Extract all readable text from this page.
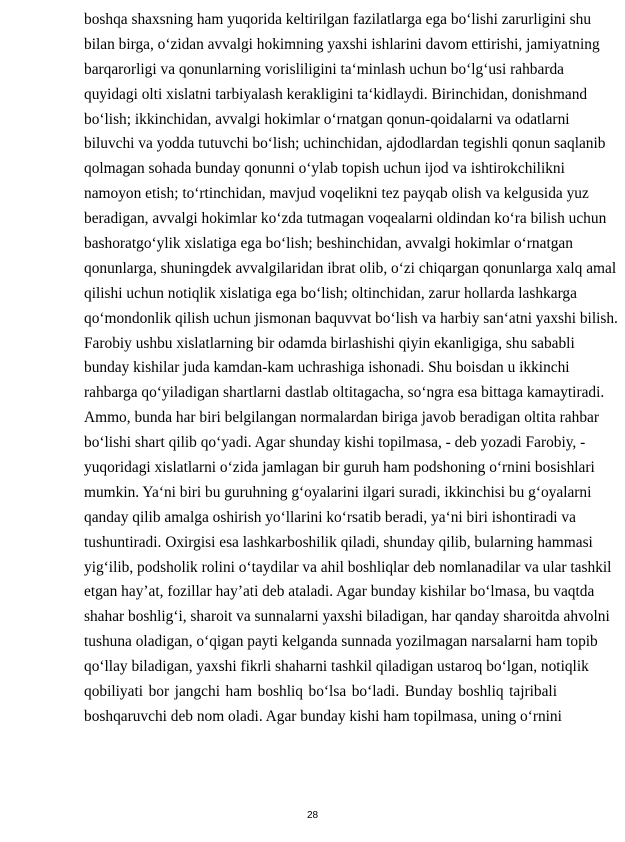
boshqa shaxsning ham yuqorida keltirilgan fazilatlarga ega bo‘lishi zarurligini shu
bilan birga, o‘zidan avvalgi hokimning yaxshi ishlarini davom ettirishi, jamiyatning
barqarorligi va qonunlarning vorisliligini ta‘minlash uchun bo‘lg‘usi rahbarda
quyidagi olti xislatni tarbiyalash kerakligini ta‘kidlaydi. Birinchidan, donishmand
bo‘lish; ikkinchidan, avvalgi hokimlar o‘rnatgan qonun-qoidalarni va odatlarni
biluvchi va yodda tutuvchi bo‘lish; uchinchidan, ajdodlardan tegishli qonun saqlanib
qolmagan sohada bunday qonunni o‘ylab topish uchun ijod va ishtirokchilikni
namoyon etish; to‘rtinchidan, mavjud voqelikni tez payqab olish va kelgusida yuz
beradigan, avvalgi hokimlar ko‘zda tutmagan voqealarni oldindan ko‘ra bilish uchun
bashoratgo‘ylik xislatiga ega bo‘lish; beshinchidan, avvalgi hokimlar o‘rnatgan
qonunlarga, shuningdek avvalgilaridan ibrat olib, o‘zi chiqargan qonunlarga xalq amal
qilishi uchun notiqlik xislatiga ega bo‘lish; oltinchidan, zarur hollarda lashkarga
qo‘mondonlik qilish uchun jismonan baquvvat bo‘lish va harbiy san‘atni yaxshi bilish.
Farobiy ushbu xislatlarning bir odamda birlashishi qiyin ekanligiga, shu sababli
bunday kishilar juda kamdan-kam uchrashiga ishonadi. Shu boisdan u ikkinchi
rahbarga qo‘yiladigan shartlarni dastlab oltitagacha, so‘ngra esa bittaga kamaytiradi.
Ammo, bunda har biri belgilangan normalardan biriga javob beradigan oltita rahbar
bo‘lishi shart qilib qo‘yadi. Agar shunday kishi topilmasa, - deb yozadi Farobiy, -
yuqoridagi xislatlarni o‘zida jamlagan bir guruh ham podshoning o‘rnini bosishlari
mumkin. Ya‘ni biri bu guruhning g‘oyalarini ilgari suradi, ikkinchisi bu g‘oyalarni
qanday qilib amalga oshirish yo‘llarini ko‘rsatib beradi, ya‘ni biri ishontiradi va
tushuntiradi. Oxirgisi esa lashkarboshilik qiladi, shunday qilib, bularning hammasi
yig‘ilib, podsholik rolini o‘taydilar va ahil boshliqlar deb nomlanadilar va ular tashkil
etgan hay’at, fozillar hay’ati deb ataladi. Agar bunday kishilar bo‘lmasa, bu vaqtda
shahar boshlig‘i, sharoit va sunnalarni yaxshi biladigan, har qanday sharoitda ahvolni
tushuna oladigan, o‘qigan payti kelganda sunnada yozilmagan narsalarni ham topib
qo‘llay biladigan, yaxshi fikrli shaharni tashkil qiladigan ustaroq bo‘lgan, notiqlik
qobiliyati bor jangchi ham boshliq bo‘lsa bo‘ladi. Bunday boshliq tajribali
boshqaruvchi deb nom oladi. Agar bunday kishi ham topilmasa, uning o‘rnini
28
